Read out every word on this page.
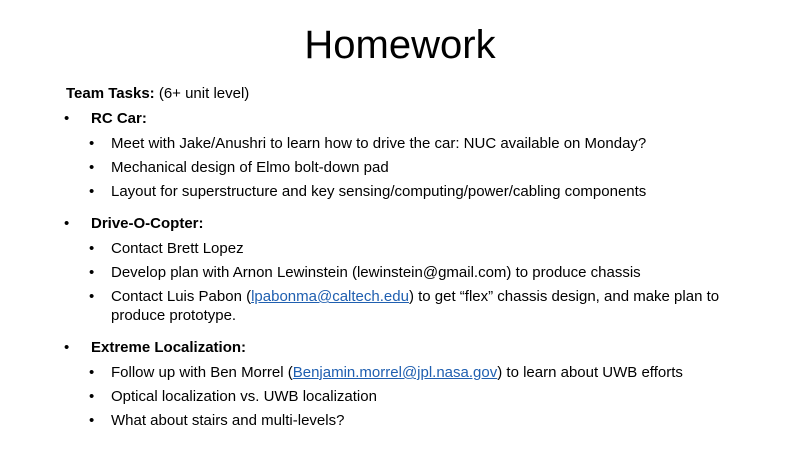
Homework
Team Tasks: (6+ unit level)
• RC Car:
• Meet with Jake/Anushri to learn how to drive the car: NUC available on Monday?
• Mechanical design of Elmo bolt-down pad
• Layout for superstructure and key sensing/computing/power/cabling components
• Drive-O-Copter:
• Contact Brett Lopez
• Develop plan with Arnon Lewinstein (lewinstein@gmail.com) to produce chassis
• Contact Luis Pabon (lpabonma@caltech.edu) to get “flex” chassis design, and make plan to produce prototype.
• Extreme Localization:
• Follow up with Ben Morrel (Benjamin.morrel@jpl.nasa.gov) to learn about UWB efforts
• Optical localization vs. UWB localization
• What about stairs and multi-levels?
